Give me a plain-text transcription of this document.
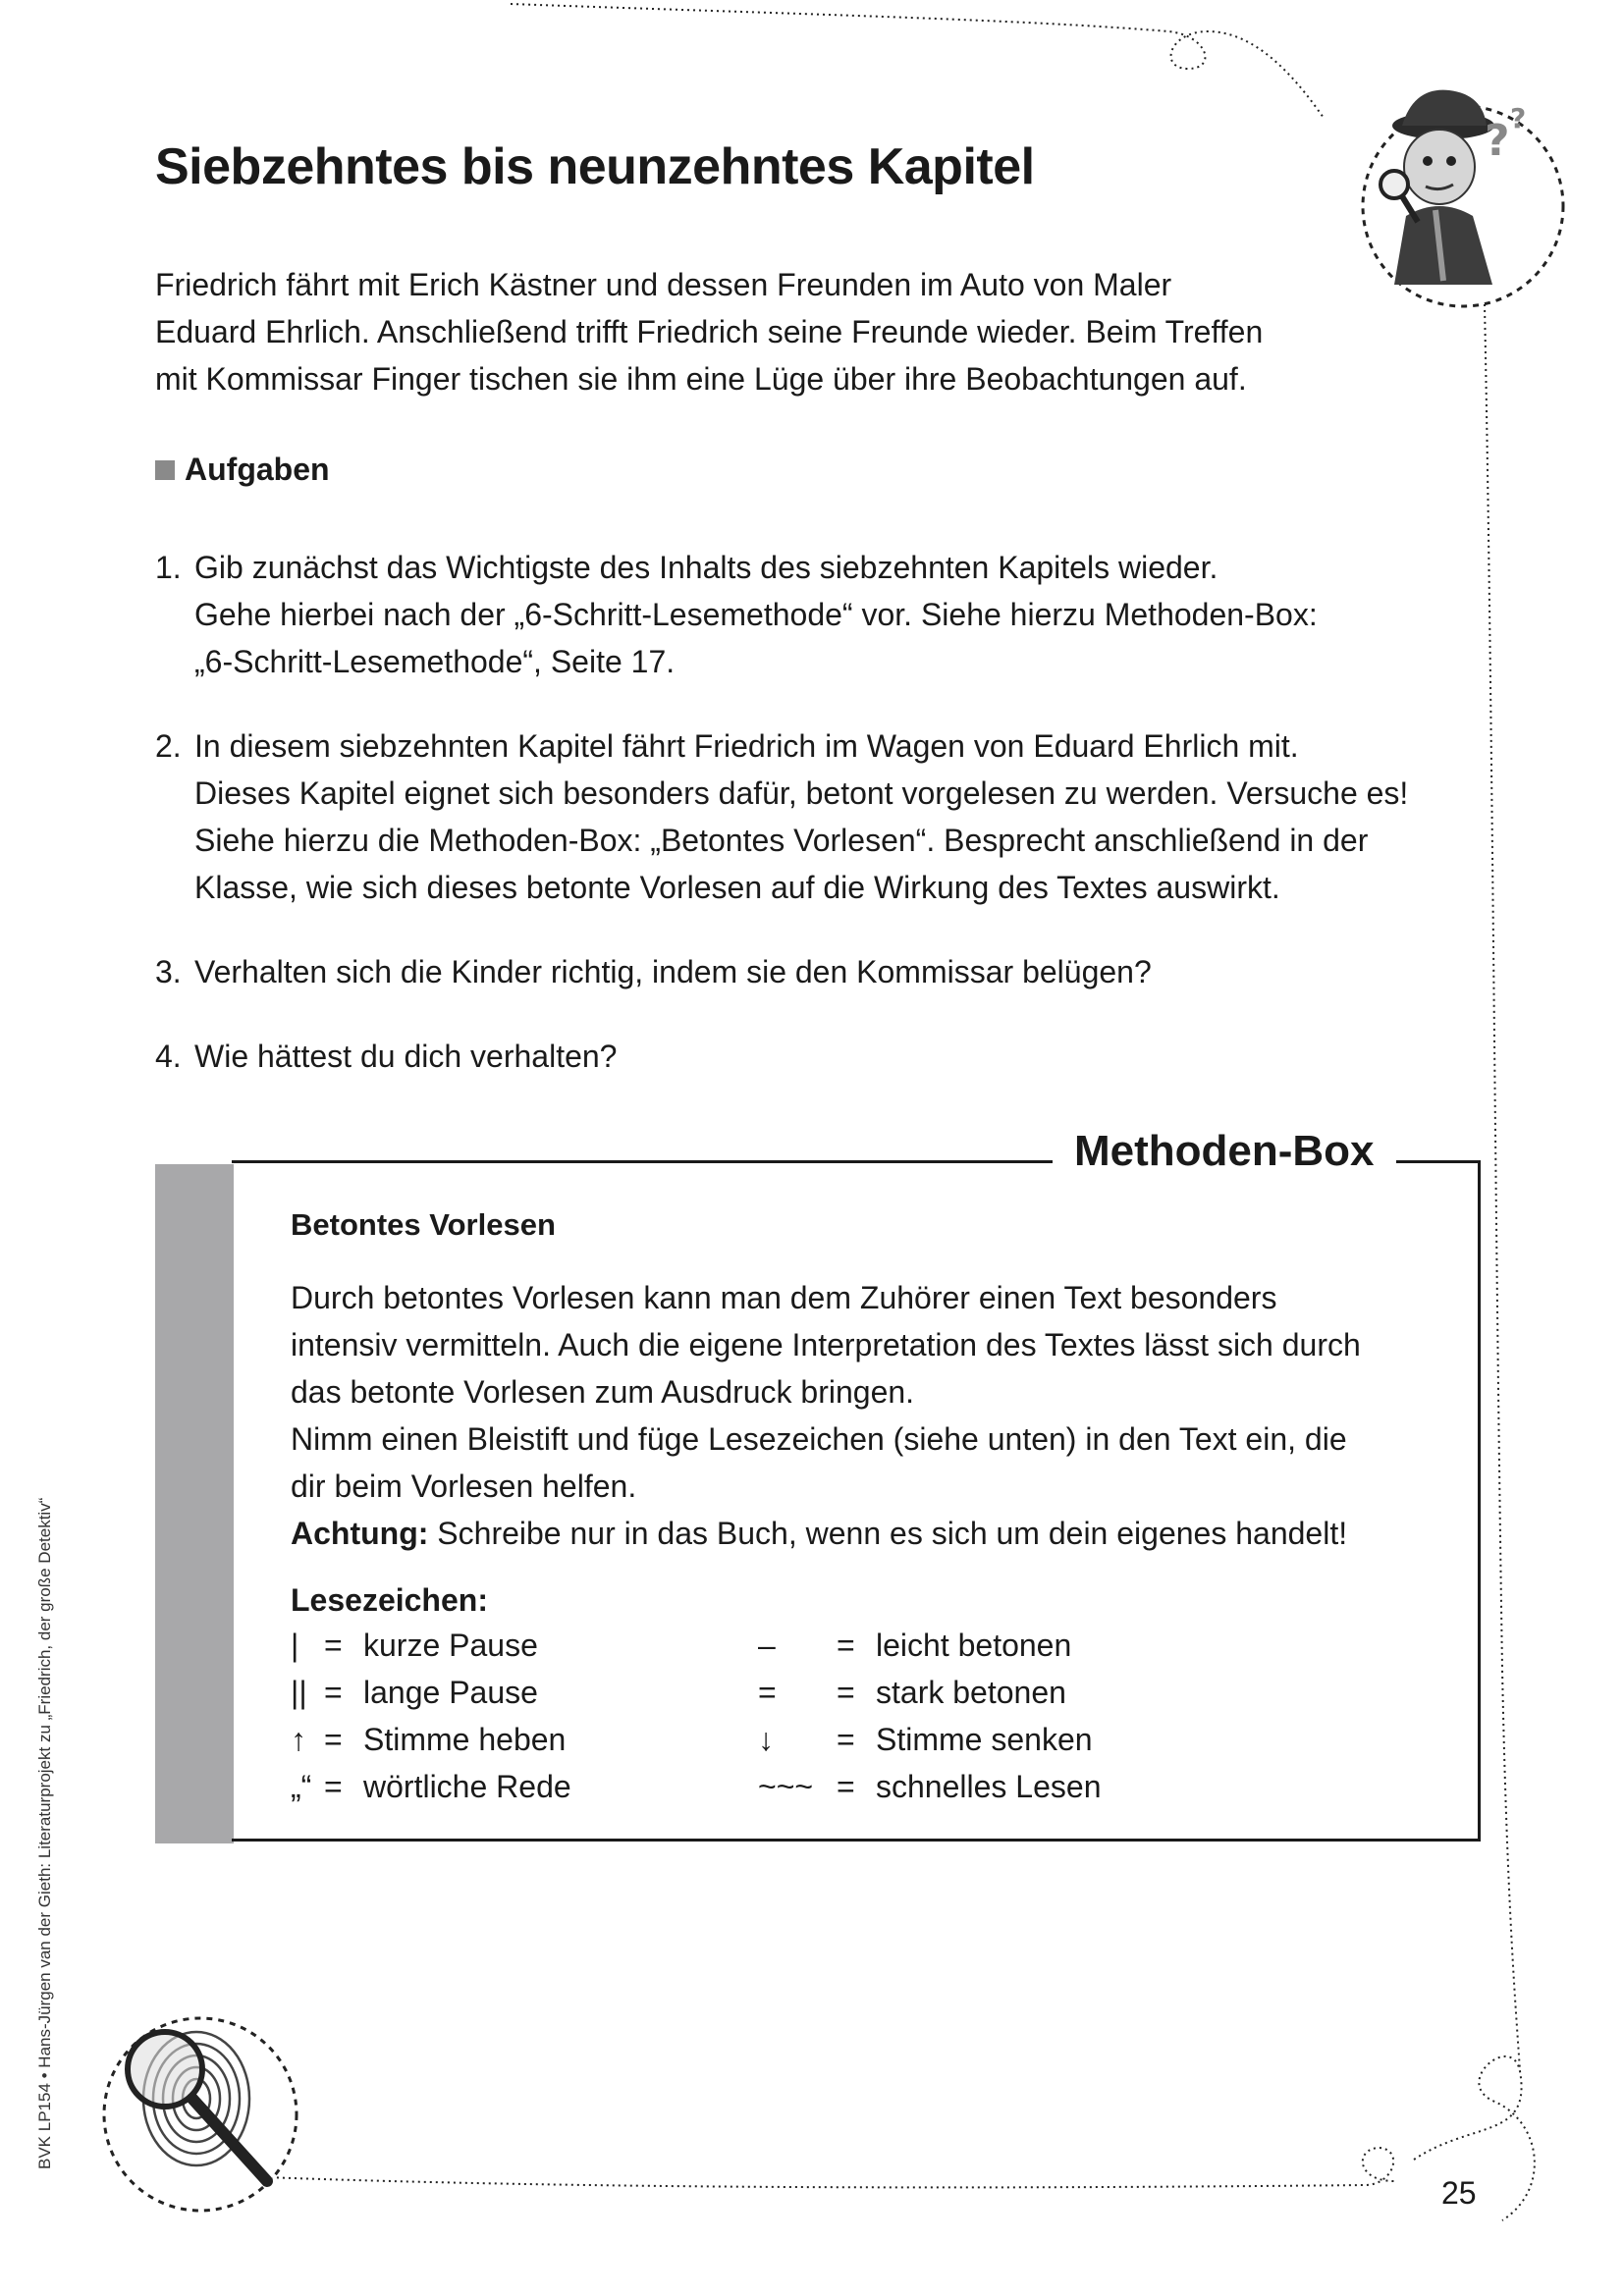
? ?
Siebzehntes bis neunzehntes Kapitel

Friedrich fährt mit Erich Kästner und dessen Freunden im Auto von Maler
Eduard Ehrlich. Anschließend trifft Friedrich seine Freunde wieder. Beim Treffen
mit Kommissar Finger tischen sie ihm eine Lüge über ihre Beobachtungen auf.

Aufgaben
1. Gib zunächst das Wichtigste des Inhalts des siebzehnten Kapitels wieder.
Gehe hierbei nach der „6-Schritt-Lesemethode“ vor. Siehe hierzu Methoden-Box:
„6-Schritt-Lesemethode“, Seite 17.
2. In diesem siebzehnten Kapitel fährt Friedrich im Wagen von Eduard Ehrlich mit.
Dieses Kapitel eignet sich besonders dafür, betont vorgelesen zu werden. Versuche es!
Siehe hierzu die Methoden-Box: „Betontes Vorlesen“. Besprecht anschließend in der
Klasse, wie sich dieses betonte Vorlesen auf die Wirkung des Textes auswirkt.
3. Verhalten sich die Kinder richtig, indem sie den Kommissar belügen?
4. Wie hättest du dich verhalten?
Methoden-Box
Betontes Vorlesen

Durch betontes Vorlesen kann man dem Zuhörer einen Text besonders
intensiv vermitteln. Auch die eigene Interpretation des Textes lässt sich durch
das betonte Vorlesen zum Ausdruck bringen.
Nimm einen Bleistift und füge Lesezeichen (siehe unten) in den Text ein, die
dir beim Vorlesen helfen.
Achtung: Schreibe nur in das Buch, wenn es sich um dein eigenes handelt!

Lesezeichen:
| = kurze Pause	– = leicht betonen
|| = lange Pause	= = stark betonen
↑ = Stimme heben	↓ = Stimme senken
„“ = wörtliche Rede	~~~ = schnelles Lesen
BVK LP154 • Hans-Jürgen van der Gieth: Literaturprojekt zu „Friedrich, der große Detektiv“
25
